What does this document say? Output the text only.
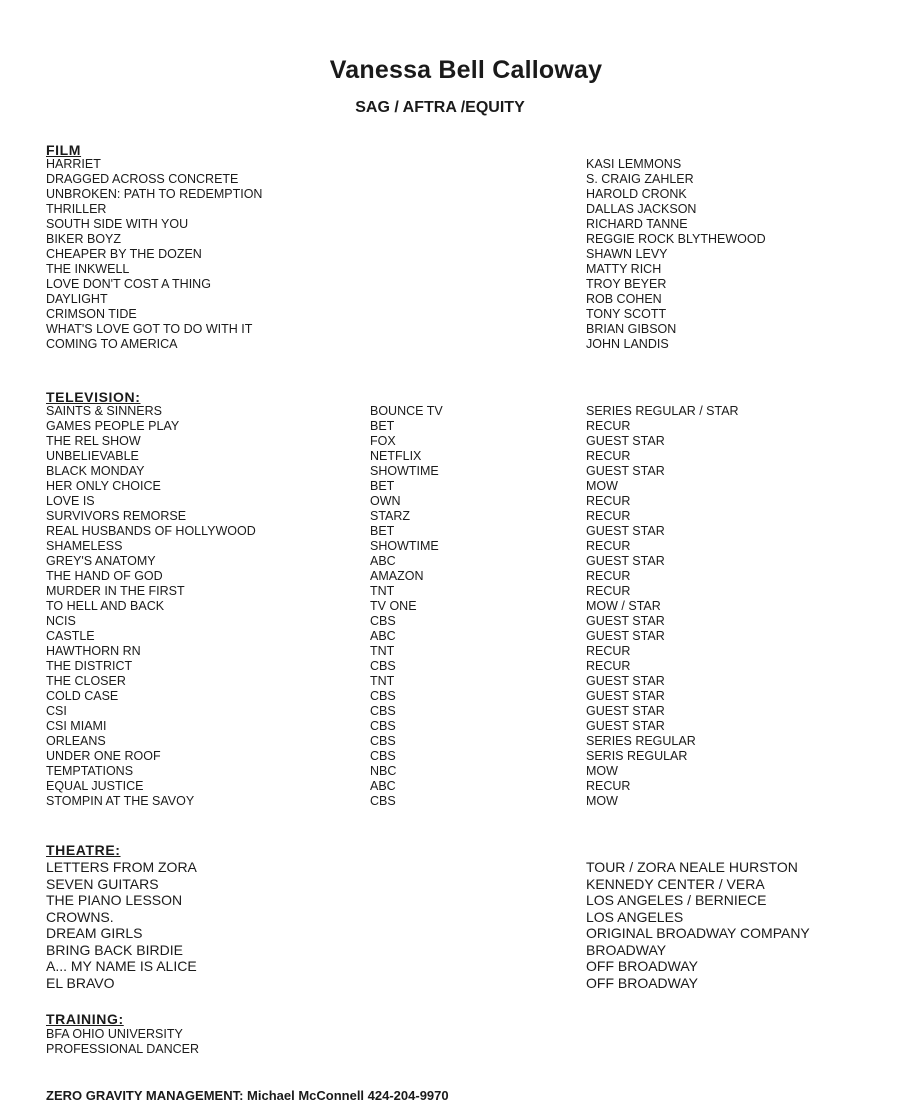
Vanessa Bell Calloway
SAG / AFTRA /EQUITY
FILM
HARRIET	KASI LEMMONS
DRAGGED ACROSS CONCRETE	S. CRAIG ZAHLER
UNBROKEN: PATH TO REDEMPTION	HAROLD CRONK
THRILLER	DALLAS JACKSON
SOUTH SIDE WITH YOU	RICHARD TANNE
BIKER BOYZ	REGGIE ROCK BLYTHEWOOD
CHEAPER BY THE DOZEN	SHAWN LEVY
THE INKWELL	MATTY RICH
LOVE DON'T COST A THING	TROY BEYER
DAYLIGHT	ROB COHEN
CRIMSON TIDE	TONY SCOTT
WHAT'S LOVE GOT TO DO WITH IT	BRIAN GIBSON
COMING TO AMERICA	JOHN LANDIS
TELEVISION:
SAINTS & SINNERS	BOUNCE TV	SERIES REGULAR / STAR
GAMES PEOPLE PLAY	BET	RECUR
THE REL SHOW	FOX	GUEST STAR
UNBELIEVABLE	NETFLIX	RECUR
BLACK MONDAY	SHOWTIME	GUEST STAR
HER ONLY CHOICE	BET	MOW
LOVE IS	OWN	RECUR
SURVIVORS REMORSE	STARZ	RECUR
REAL HUSBANDS OF HOLLYWOOD	BET	GUEST STAR
SHAMELESS	SHOWTIME	RECUR
GREY'S ANATOMY	ABC	GUEST STAR
THE HAND OF GOD	AMAZON	RECUR
MURDER IN THE FIRST	TNT	RECUR
TO HELL AND BACK	TV ONE	MOW / STAR
NCIS	CBS	GUEST STAR
CASTLE	ABC	GUEST STAR
HAWTHORN RN	TNT	RECUR
THE DISTRICT	CBS	RECUR
THE CLOSER	TNT	GUEST STAR
COLD CASE	CBS	GUEST STAR
CSI	CBS	GUEST STAR
CSI MIAMI	CBS	GUEST STAR
ORLEANS	CBS	SERIES REGULAR
UNDER ONE ROOF	CBS	SERIS REGULAR
TEMPTATIONS	NBC	MOW
EQUAL JUSTICE	ABC	RECUR
STOMPIN AT THE SAVOY	CBS	MOW
THEATRE:
LETTERS FROM ZORA	TOUR / ZORA NEALE HURSTON
SEVEN GUITARS	KENNEDY CENTER / VERA
THE PIANO LESSON	LOS ANGELES / BERNIECE
CROWNS.	LOS ANGELES
DREAM GIRLS	ORIGINAL BROADWAY COMPANY
BRING BACK BIRDIE	BROADWAY
A... MY NAME IS ALICE	OFF BROADWAY
EL BRAVO	OFF BROADWAY
TRAINING:
BFA OHIO UNIVERSITY
PROFESSIONAL DANCER
ZERO GRAVITY MANAGEMENT: Michael McConnell 424-204-9970
